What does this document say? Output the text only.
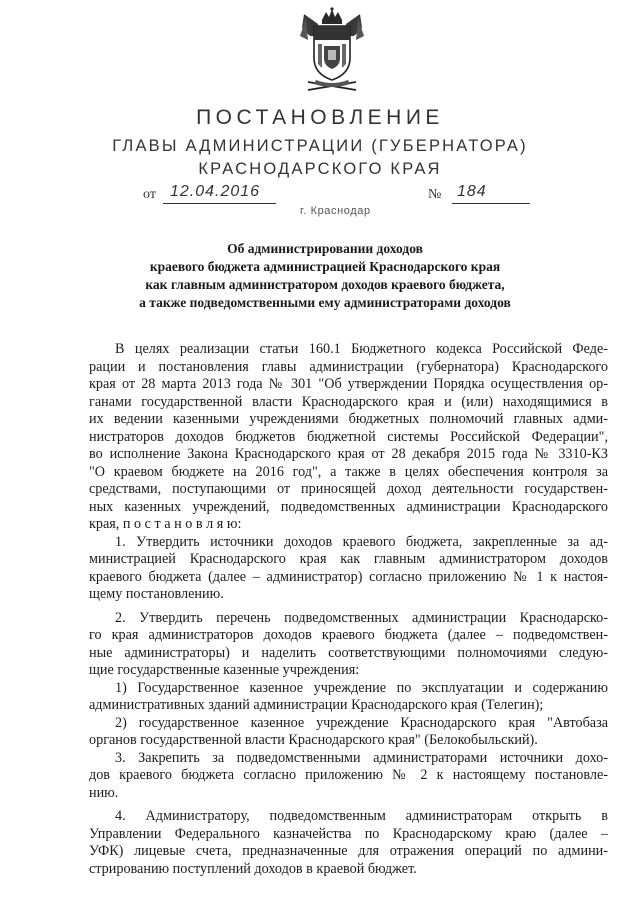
ПОСТАНОВЛЕНИЕ
ГЛАВЫ АДМИНИСТРАЦИИ (ГУБЕРНАТОРА)
КРАСНОДАРСКОГО КРАЯ
от 12.04.2016	№ 184
г. Краснодар
Об администрировании доходов
краевого бюджета администрацией Краснодарского края
как главным администратором доходов краевого бюджета,
а также подведомственными ему администраторами доходов

В целях реализации статьи 160.1 Бюджетного кодекса Российской Феде-
рации и постановления главы администрации (губернатора) Краснодарского
края от 28 марта 2013 года № 301 "Об утверждении Порядка осуществления ор-
ганами государственной власти Краснодарского края и (или) находящимися в
их ведении казенными учреждениями бюджетных полномочий главных адми-
нистраторов доходов бюджетов бюджетной системы Российской Федерации",
во исполнение Закона Краснодарского края от 28 декабря 2015 года № 3310-КЗ
"О краевом бюджете на 2016 год", а также в целях обеспечения контроля за
средствами, поступающими от приносящей доход деятельности государствен-
ных казенных учреждений, подведомственных администрации Краснодарского
края, п о с т а н о в л я ю:

1. Утвердить источники доходов краевого бюджета, закрепленные за ад-
министрацией Краснодарского края как главным администратором доходов
краевого бюджета (далее – администратор) согласно приложению № 1 к настоя-
щему постановлению.

2. Утвердить перечень подведомственных администрации Краснодарско-
го края администраторов доходов краевого бюджета (далее – подведомствен-
ные администраторы) и наделить соответствующими полномочиями следую-
щие государственные казенные учреждения:

1) Государственное казенное учреждение по эксплуатации и содержанию
административных зданий администрации Краснодарского края (Телегин);

2) государственное казенное учреждение Краснодарского края "Автобаза
органов государственной власти Краснодарского края" (Белокобыльский).

3. Закрепить за подведомственными администраторами источники дохо-
дов краевого бюджета согласно приложению № 2 к настоящему постановле-
нию.

4. Администратору, подведомственным администраторам открыть в
Управлении Федерального казначейства по Краснодарскому краю (далее –
УФК) лицевые счета, предназначенные для отражения операций по админи-
стрированию поступлений доходов в краевой бюджет.
